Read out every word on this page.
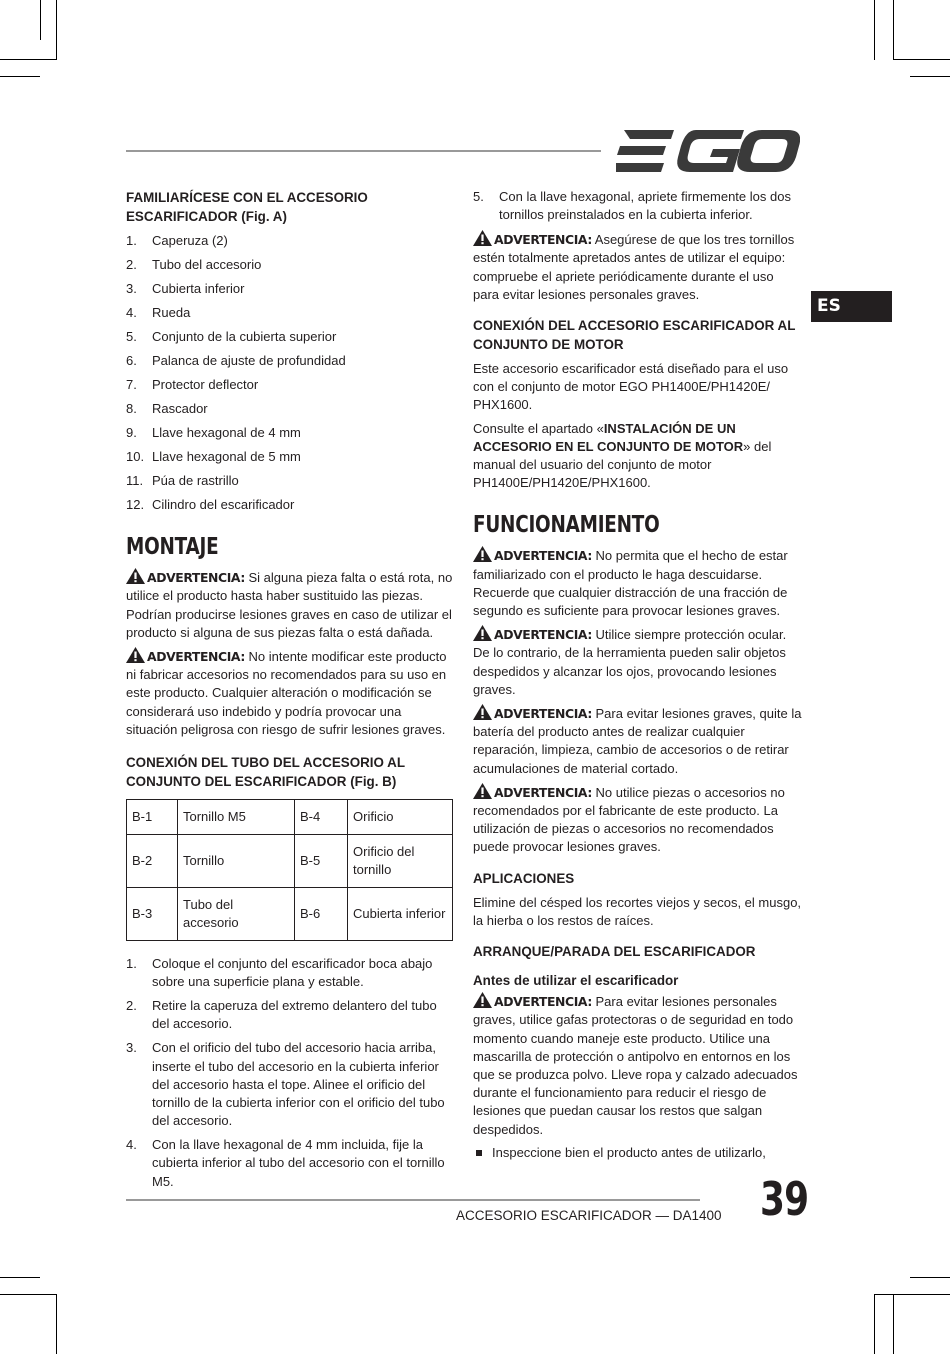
ES
FAMILIARÍCESE CON EL ACCESORIO ESCARIFICADOR (Fig. A)
1.	Caperuza (2)
2.	Tubo del accesorio
3.	Cubierta inferior
4.	Rueda
5.	Conjunto de la cubierta superior
6.	Palanca de ajuste de profundidad
7.	Protector deflector
8.	Rascador
9.	Llave hexagonal de 4 mm
10. Llave hexagonal de 5 mm
11. Púa de rastrillo
12. Cilindro del escarificador
MONTAJE

ADVERTENCIA: Si alguna pieza falta o está rota, no utilice el producto hasta haber sustituido las piezas. Podrían producirse lesiones graves en caso de utilizar el producto si alguna de sus piezas falta o está dañada.

ADVERTENCIA: No intente modificar este producto ni fabricar accesorios no recomendados para su uso en este producto. Cualquier alteración o modificación se considerará uso indebido y podría provocar una situación peligrosa con riesgo de sufrir lesiones graves.

CONEXIÓN DEL TUBO DEL ACCESORIO AL CONJUNTO DEL ESCARIFICADOR (Fig. B)
B-1	Tornillo M5	B-4	Orificio
B-2	Tornillo	B-5	Orificio del tornillo
B-3	Tubo del accesorio	B-6	Cubierta inferior
1.	Coloque el conjunto del escarificador boca abajo sobre una superficie plana y estable.
2.	Retire la caperuza del extremo delantero del tubo del accesorio.
3.	Con el orificio del tubo del accesorio hacia arriba, inserte el tubo del accesorio en la cubierta inferior del accesorio hasta el tope. Alinee el orificio del tornillo de la cubierta inferior con el orificio del tubo del accesorio.
4.	Con la llave hexagonal de 4 mm incluida, fije la cubierta inferior al tubo del accesorio con el tornillo M5.
5.	Con la llave hexagonal, apriete firmemente los dos tornillos preinstalados en la cubierta inferior.

ADVERTENCIA: Asegúrese de que los tres tornillos estén totalmente apretados antes de utilizar el equipo: compruebe el apriete periódicamente durante el uso para evitar lesiones personales graves.

CONEXIÓN DEL ACCESORIO ESCARIFICADOR AL CONJUNTO DE MOTOR

Este accesorio escarificador está diseñado para el uso con el conjunto de motor EGO PH1400E/PH1420E/ PHX1600.

Consulte el apartado «INSTALACIÓN DE UN ACCESORIO EN EL CONJUNTO DE MOTOR» del manual del usuario del conjunto de motor PH1400E/PH1420E/PHX1600.

FUNCIONAMIENTO

ADVERTENCIA: No permita que el hecho de estar familiarizado con el producto le haga descuidarse. Recuerde que cualquier distracción de una fracción de segundo es suficiente para provocar lesiones graves.

ADVERTENCIA: Utilice siempre protección ocular. De lo contrario, de la herramienta pueden salir objetos despedidos y alcanzar los ojos, provocando lesiones graves.

ADVERTENCIA: Para evitar lesiones graves, quite la batería del producto antes de realizar cualquier reparación, limpieza, cambio de accesorios o de retirar acumulaciones de material cortado.

ADVERTENCIA: No utilice piezas o accesorios no recomendados por el fabricante de este producto. La utilización de piezas o accesorios no recomendados puede provocar lesiones graves.

APLICACIONES

Elimine del césped los recortes viejos y secos, el musgo, la hierba o los restos de raíces.

ARRANQUE/PARADA DEL ESCARIFICADOR
Antes de utilizar el escarificador

ADVERTENCIA: Para evitar lesiones personales graves, utilice gafas protectoras o de seguridad en todo momento cuando maneje este producto. Utilice una mascarilla de protección o antipolvo en entornos en los que se produzca polvo. Lleve ropa y calzado adecuados durante el funcionamiento para reducir el riesgo de lesiones que puedan causar los restos que salgan despedidos.

Inspeccione bien el producto antes de utilizarlo,
ACCESORIO ESCARIFICADOR — DA1400 39
